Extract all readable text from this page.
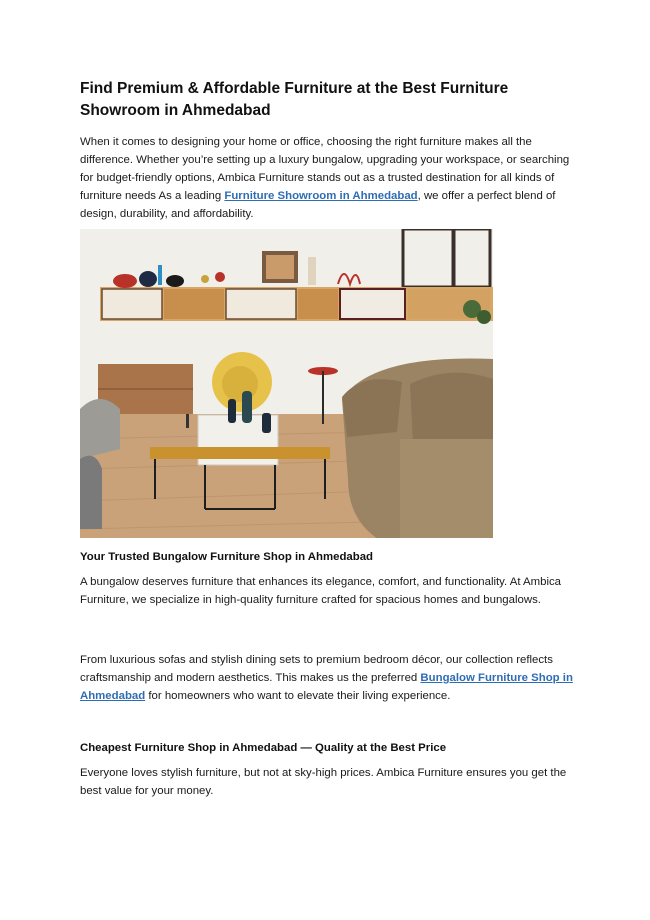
Find Premium & Affordable Furniture at the Best Furniture Showroom in Ahmedabad

When it comes to designing your home or office, choosing the right furniture makes all the difference. Whether you’re setting up a luxury bungalow, upgrading your workspace, or searching for budget-friendly options, Ambica Furniture stands out as a trusted destination for all kinds of furniture needs As a leading Furniture Showroom in Ahmedabad, we offer a perfect blend of design, durability, and affordability.

Your Trusted Bungalow Furniture Shop in Ahmedabad

A bungalow deserves furniture that enhances its elegance, comfort, and functionality. At Ambica Furniture, we specialize in high-quality furniture crafted for spacious homes and bungalows.

From luxurious sofas and stylish dining sets to premium bedroom décor, our collection reflects craftsmanship and modern aesthetics. This makes us the preferred Bungalow Furniture Shop in Ahmedabad for homeowners who want to elevate their living experience.

Cheapest Furniture Shop in Ahmedabad — Quality at the Best Price

Everyone loves stylish furniture, but not at sky-high prices. Ambica Furniture ensures you get the best value for your money.
